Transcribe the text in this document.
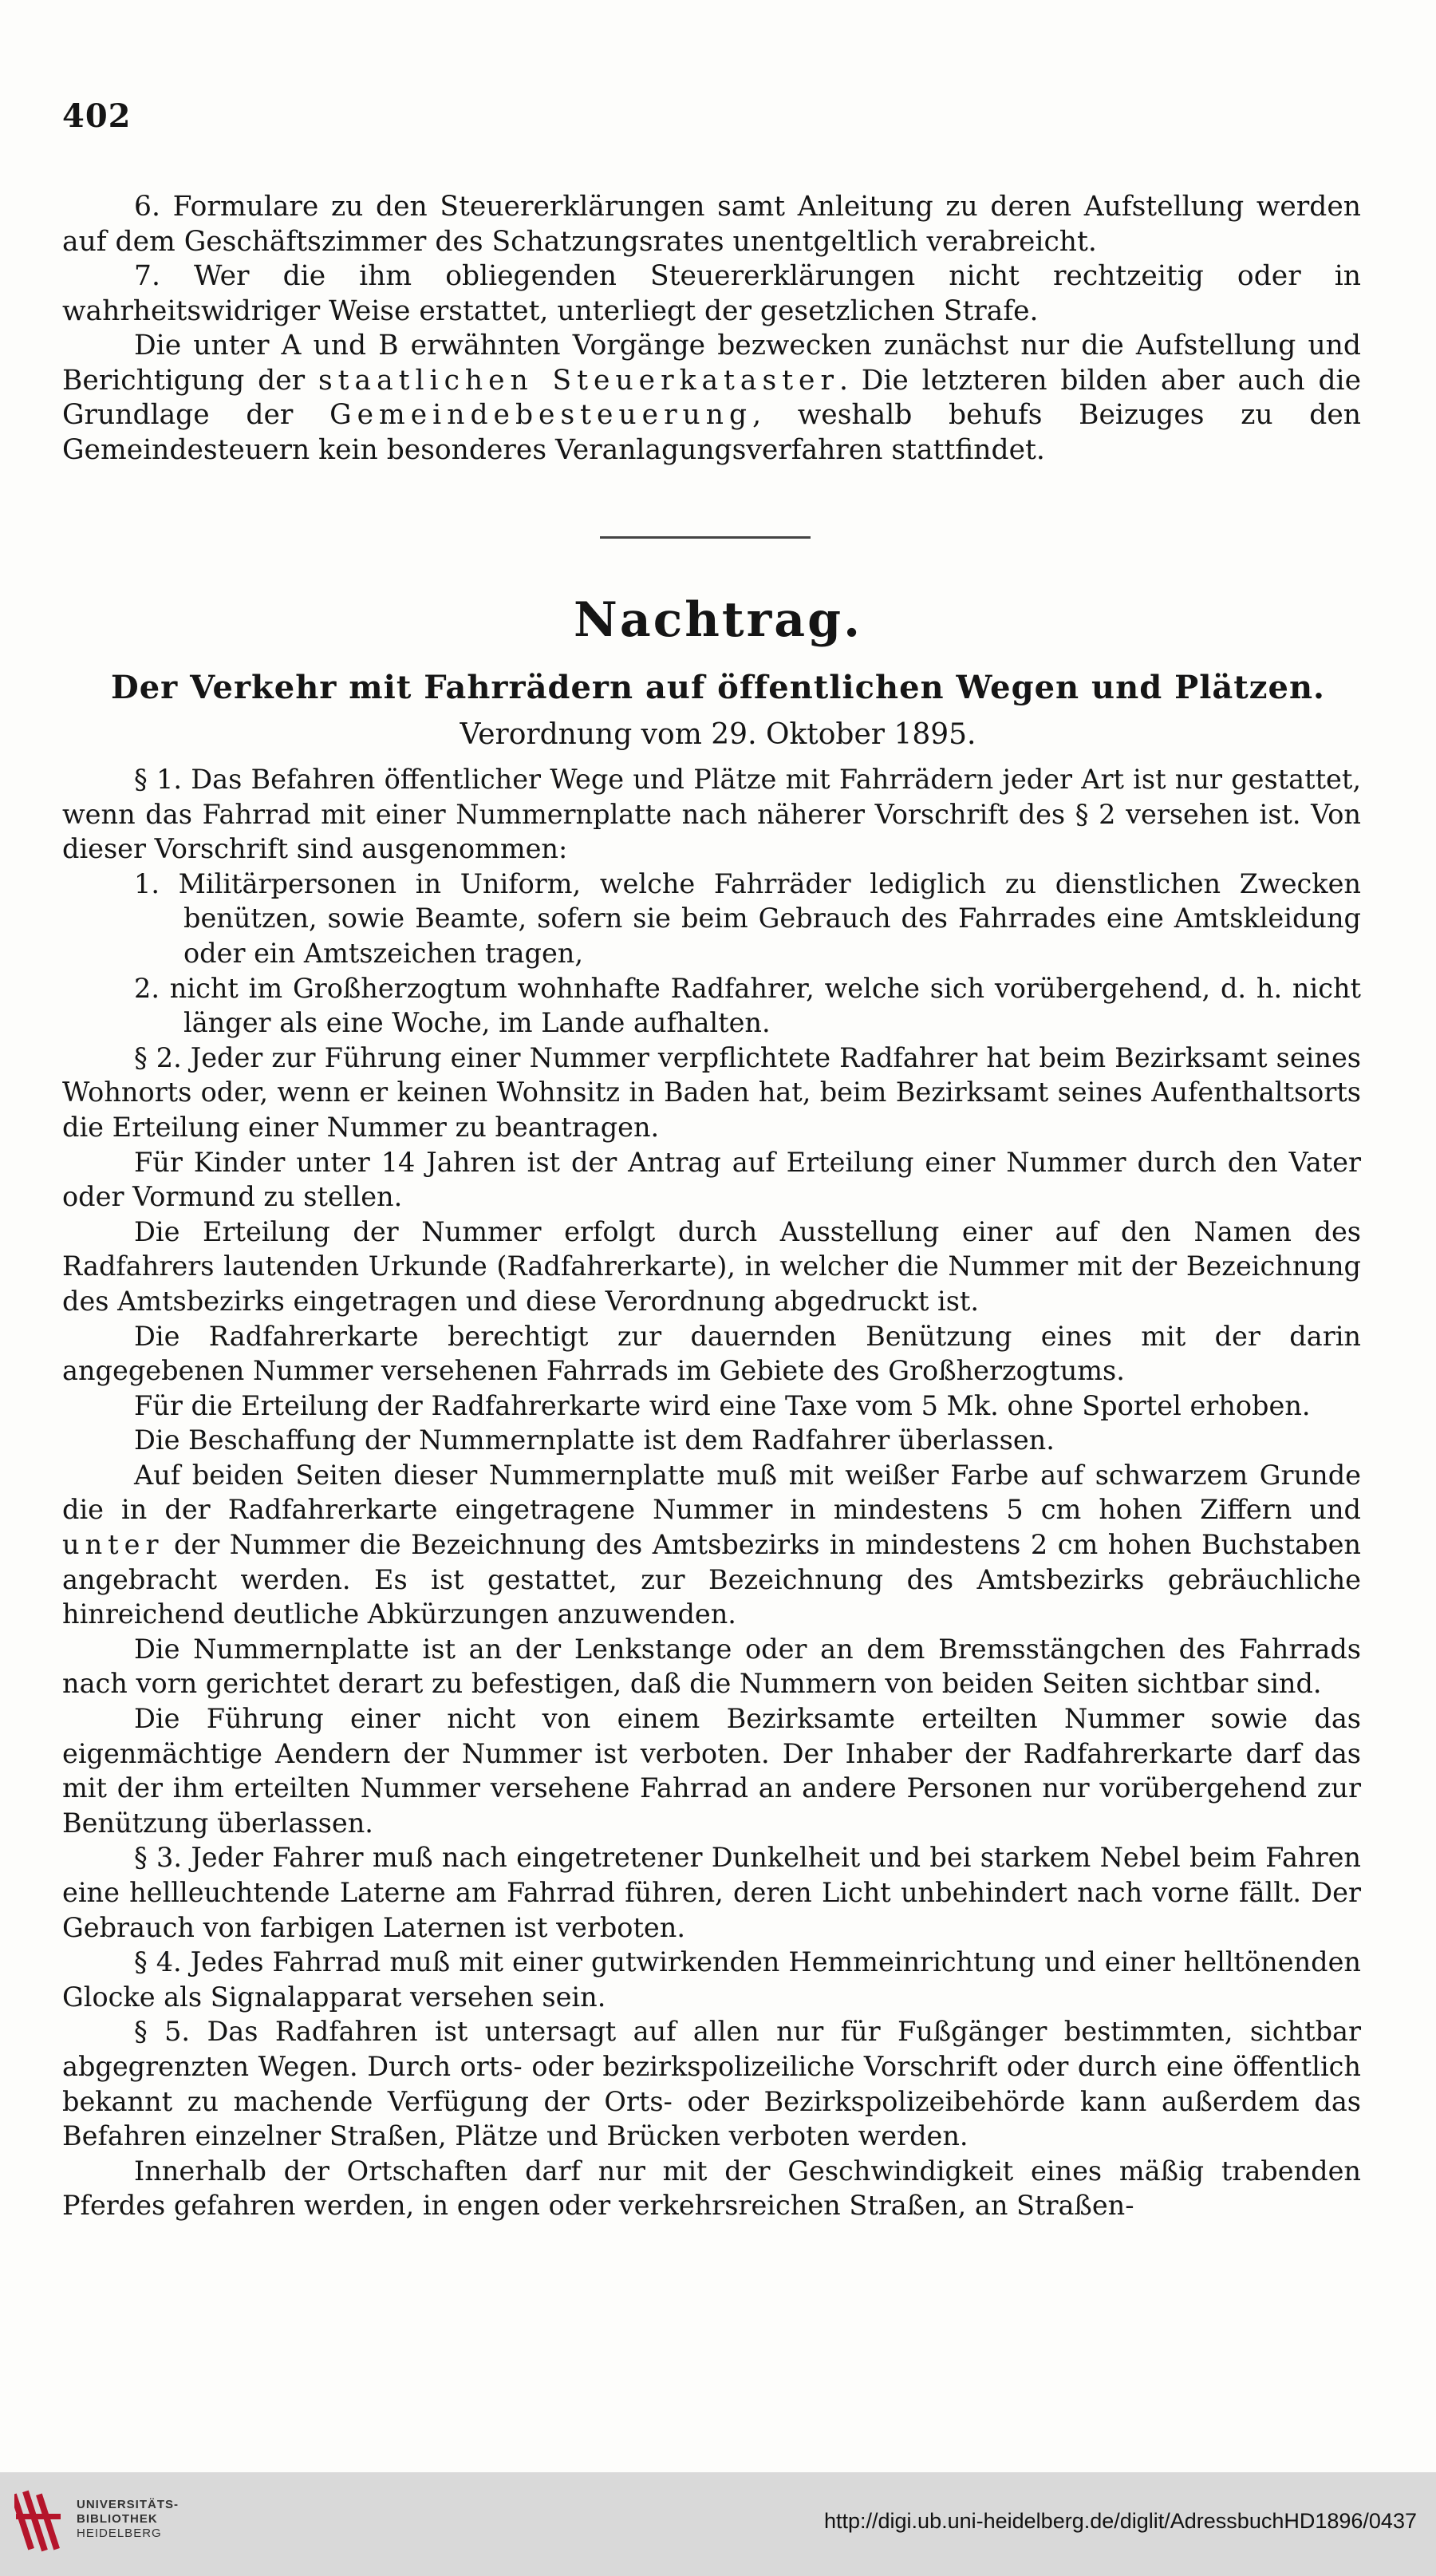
402

6. Formulare zu den Steuererklärungen samt Anleitung zu deren Aufstellung werden auf dem Geschäftszimmer des Schatzungsrates unentgeltlich verabreicht.

7. Wer die ihm obliegenden Steuererklärungen nicht rechtzeitig oder in wahrheitswidriger Weise erstattet, unterliegt der gesetzlichen Strafe.

Die unter A und B erwähnten Vorgänge bezwecken zunächst nur die Aufstellung und Berichtigung der staatlichen Steuerkataster. Die letzteren bilden aber auch die Grundlage der Gemeindebesteuerung, weshalb behufs Beizuges zu den Gemeindesteuern kein besonderes Veranlagungsverfahren stattfindet.

Nachtrag.
Der Verkehr mit Fahrrädern auf öffentlichen Wegen und Plätzen.
Verordnung vom 29. Oktober 1895.

§ 1. Das Befahren öffentlicher Wege und Plätze mit Fahrrädern jeder Art ist nur gestattet, wenn das Fahrrad mit einer Nummernplatte nach näherer Vorschrift des § 2 versehen ist. Von dieser Vorschrift sind ausgenommen:

1. Militärpersonen in Uniform, welche Fahrräder lediglich zu dienstlichen Zwecken benützen, sowie Beamte, sofern sie beim Gebrauch des Fahrrades eine Amtskleidung oder ein Amtszeichen tragen,

2. nicht im Großherzogtum wohnhafte Radfahrer, welche sich vorübergehend, d. h. nicht länger als eine Woche, im Lande aufhalten.

§ 2. Jeder zur Führung einer Nummer verpflichtete Radfahrer hat beim Bezirksamt seines Wohnorts oder, wenn er keinen Wohnsitz in Baden hat, beim Bezirksamt seines Aufenthaltsorts die Erteilung einer Nummer zu beantragen.

Für Kinder unter 14 Jahren ist der Antrag auf Erteilung einer Nummer durch den Vater oder Vormund zu stellen.

Die Erteilung der Nummer erfolgt durch Ausstellung einer auf den Namen des Radfahrers lautenden Urkunde (Radfahrerkarte), in welcher die Nummer mit der Bezeichnung des Amtsbezirks eingetragen und diese Verordnung abgedruckt ist.

Die Radfahrerkarte berechtigt zur dauernden Benützung eines mit der darin angegebenen Nummer versehenen Fahrrads im Gebiete des Großherzogtums.

Für die Erteilung der Radfahrerkarte wird eine Taxe vom 5 Mk. ohne Sportel erhoben.

Die Beschaffung der Nummernplatte ist dem Radfahrer überlassen.

Auf beiden Seiten dieser Nummernplatte muß mit weißer Farbe auf schwarzem Grunde die in der Radfahrerkarte eingetragene Nummer in mindestens 5 cm hohen Ziffern und unter der Nummer die Bezeichnung des Amtsbezirks in mindestens 2 cm hohen Buchstaben angebracht werden. Es ist gestattet, zur Bezeichnung des Amtsbezirks gebräuchliche hinreichend deutliche Abkürzungen anzuwenden.

Die Nummernplatte ist an der Lenkstange oder an dem Bremsstängchen des Fahrrads nach vorn gerichtet derart zu befestigen, daß die Nummern von beiden Seiten sichtbar sind.

Die Führung einer nicht von einem Bezirksamte erteilten Nummer sowie das eigenmächtige Aendern der Nummer ist verboten. Der Inhaber der Radfahrerkarte darf das mit der ihm erteilten Nummer versehene Fahrrad an andere Personen nur vorübergehend zur Benützung überlassen.

§ 3. Jeder Fahrer muß nach eingetretener Dunkelheit und bei starkem Nebel beim Fahren eine hellleuchtende Laterne am Fahrrad führen, deren Licht unbehindert nach vorne fällt. Der Gebrauch von farbigen Laternen ist verboten.

§ 4. Jedes Fahrrad muß mit einer gutwirkenden Hemmeinrichtung und einer helltönenden Glocke als Signalapparat versehen sein.

§ 5. Das Radfahren ist untersagt auf allen nur für Fußgänger bestimmten, sichtbar abgegrenzten Wegen. Durch orts- oder bezirkspolizeiliche Vorschrift oder durch eine öffentlich bekannt zu machende Verfügung der Orts- oder Bezirkspolizeibehörde kann außerdem das Befahren einzelner Straßen, Plätze und Brücken verboten werden.

Innerhalb der Ortschaften darf nur mit der Geschwindigkeit eines mäßig trabenden Pferdes gefahren werden, in engen oder verkehrsreichen Straßen, an Straßen-

UNIVERSITÄTS-
BIBLIOTHEK
HEIDELBERG
http://digi.ub.uni-heidelberg.de/diglit/AdressbuchHD1896/0437
